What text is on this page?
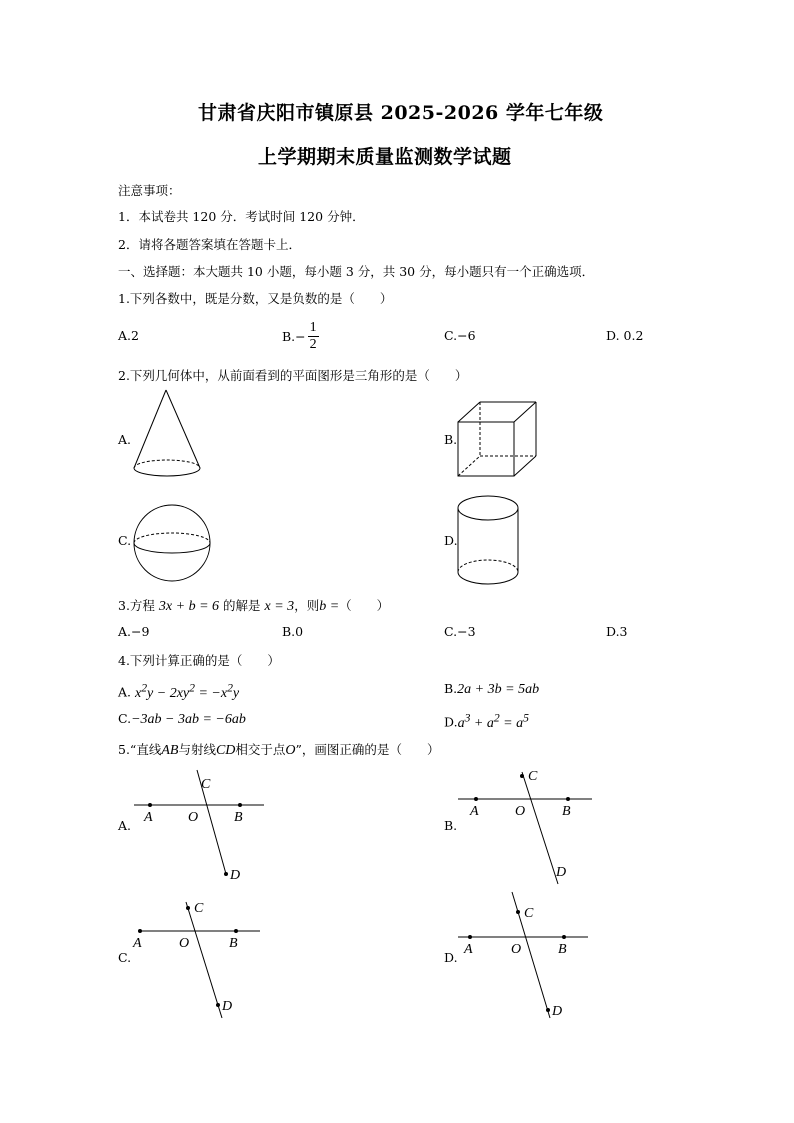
甘肃省庆阳市镇原县 2025-2026 学年七年级
上学期期末质量监测数学试题
注意事项：
1．本试卷共 120 分．考试时间 120 分钟．
2．请将各题答案填在答题卡上．
一、选择题：本大题共 10 小题，每小题 3 分，共 30 分，每小题只有一个正确选项．
1.下列各数中，既是分数，又是负数的是（　　）
A.2	$B.- \frac{1}{2}$	C.−6	D. 0.2
2.下列几何体中，从前面看到的平面图形是三角形的是（　　）
A.	B.
C.	D.
3.方程 3x + b = 6 的解是 x = 3，则b =（　　）
A.−9	B.0	C.−3	D.3
4.下列计算正确的是（　　）
A. $x^2y - 2xy^2 = -x^2y$	B.2a + 3b = 5ab
C.−3ab − 3ab = −6ab	$D.a^3 + a^2 = a^5$
5.“直线AB与射线CD相交于点O”，画图正确的是（　　）
A.	B.
C.	D.
A	O	B
C
D
A	O	B
C
D
A	O	B
C
D
A	O	B
C
D
